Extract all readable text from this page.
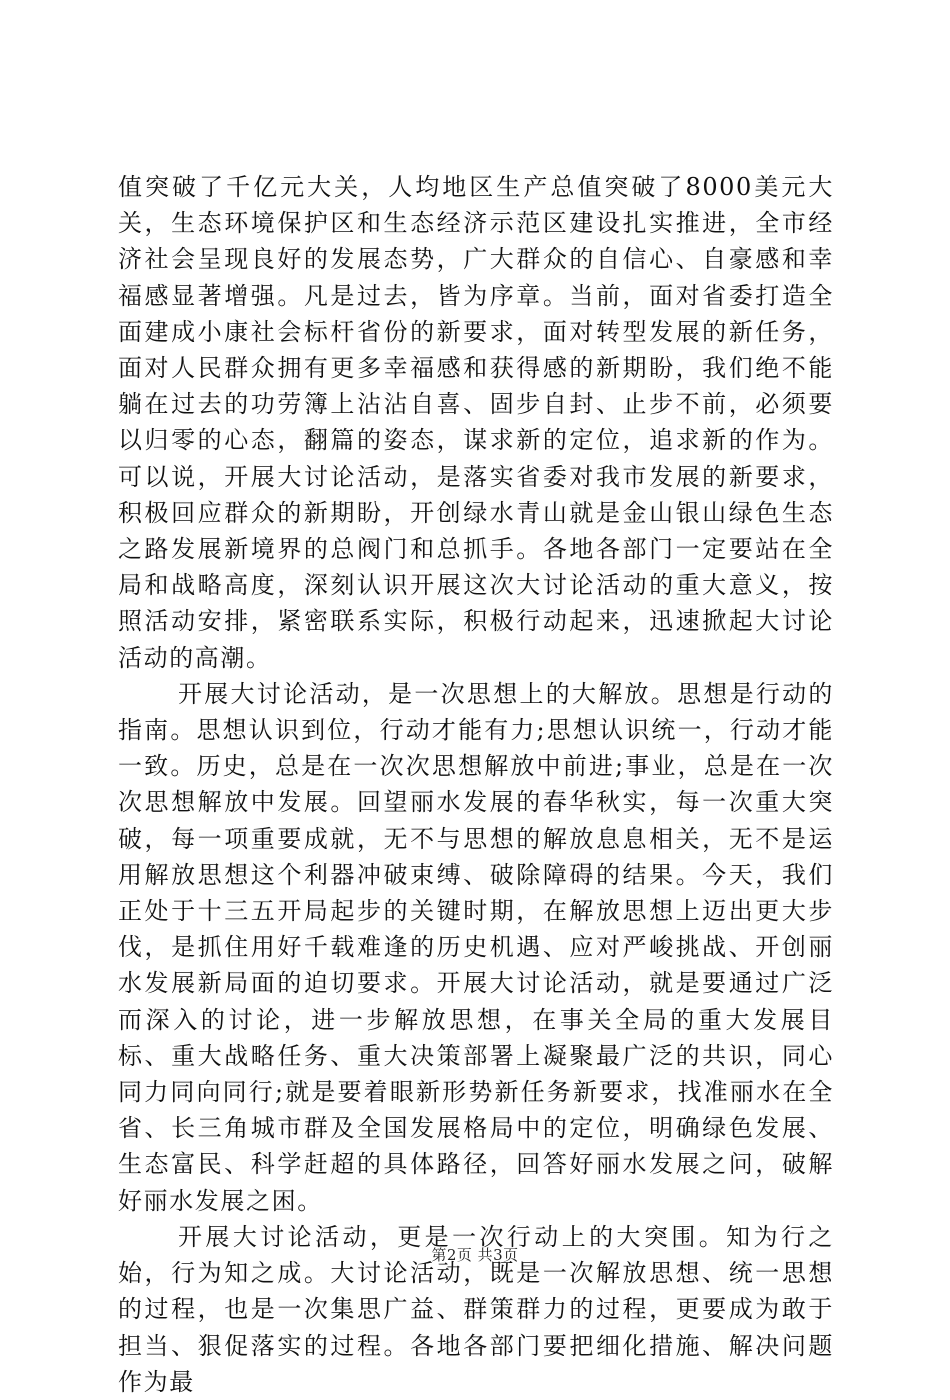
值突破了千亿元大关，人均地区生产总值突破了8000美元大关，生态环境保护区和生态经济示范区建设扎实推进，全市经济社会呈现良好的发展态势，广大群众的自信心、自豪感和幸福感显著增强。凡是过去，皆为序章。当前，面对省委打造全面建成小康社会标杆省份的新要求，面对转型发展的新任务，面对人民群众拥有更多幸福感和获得感的新期盼，我们绝不能躺在过去的功劳簿上沾沾自喜、固步自封、止步不前，必须要以归零的心态，翻篇的姿态，谋求新的定位，追求新的作为。可以说，开展大讨论活动，是落实省委对我市发展的新要求，积极回应群众的新期盼，开创绿水青山就是金山银山绿色生态之路发展新境界的总阀门和总抓手。各地各部门一定要站在全局和战略高度，深刻认识开展这次大讨论活动的重大意义，按照活动安排，紧密联系实际，积极行动起来，迅速掀起大讨论活动的高潮。

开展大讨论活动，是一次思想上的大解放。思想是行动的指南。思想认识到位，行动才能有力;思想认识统一，行动才能一致。历史，总是在一次次思想解放中前进;事业，总是在一次次思想解放中发展。回望丽水发展的春华秋实，每一次重大突破，每一项重要成就，无不与思想的解放息息相关，无不是运用解放思想这个利器冲破束缚、破除障碍的结果。今天，我们正处于十三五开局起步的关键时期，在解放思想上迈出更大步伐，是抓住用好千载难逢的历史机遇、应对严峻挑战、开创丽水发展新局面的迫切要求。开展大讨论活动，就是要通过广泛而深入的讨论，进一步解放思想，在事关全局的重大发展目标、重大战略任务、重大决策部署上凝聚最广泛的共识，同心同力同向同行;就是要着眼新形势新任务新要求，找准丽水在全省、长三角城市群及全国发展格局中的定位，明确绿色发展、生态富民、科学赶超的具体路径，回答好丽水发展之问，破解好丽水发展之困。

开展大讨论活动，更是一次行动上的大突围。知为行之始，行为知之成。大讨论活动，既是一次解放思想、统一思想的过程，也是一次集思广益、群策群力的过程，更要成为敢于担当、狠促落实的过程。各地各部门要把细化措施、解决问题作为最

第2页 共3页
